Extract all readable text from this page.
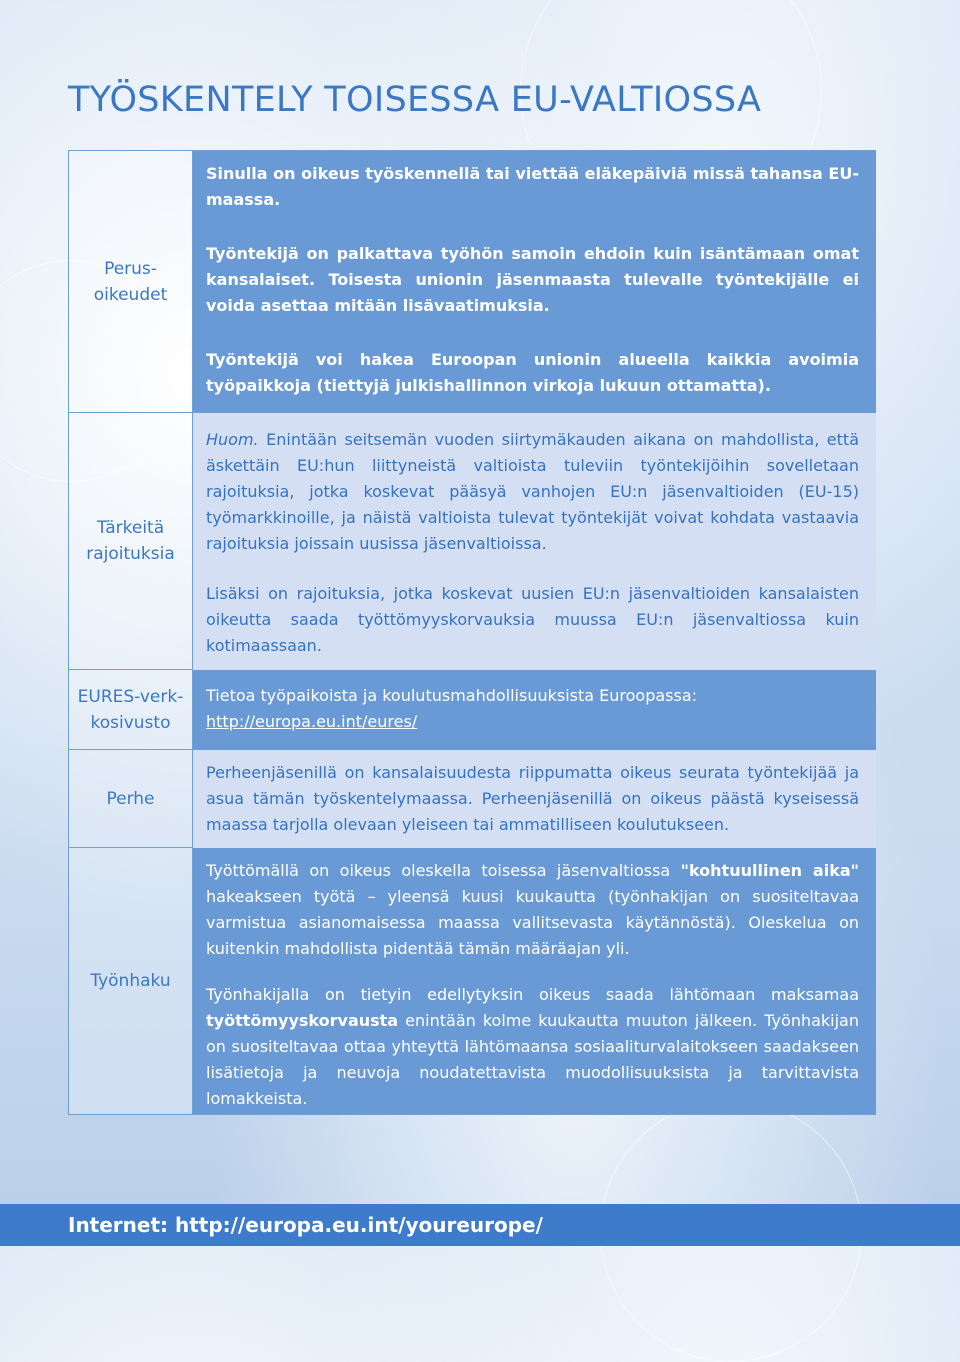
TYÖSKENTELY TOISESSA EU-VALTIOSSA
Perus-
oikeudet

Sinulla on oikeus työskennellä tai viettää eläkepäiviä missä tahansa EU-maassa.

Työntekijä on palkattava työhön samoin ehdoin kuin isäntämaan omat kansalaiset. Toisesta unionin jäsenmaasta tulevalle työntekijälle ei voida asettaa mitään lisävaatimuksia.

Tärkeitä
rajoituksia

Työntekijä voi hakea Euroopan unionin alueella kaikkia avoimia työpaikkoja (tiettyjä julkishallinnon virkoja lukuun ottamatta).

Huom. Enintään seitsemän vuoden siirtymäkauden aikana on mahdollista, että äskettäin EU:hun liittyneistä valtioista tuleviin työntekijöihin sovelletaan rajoituksia, jotka koskevat pääsyä vanhojen EU:n jäsenvaltioiden (EU-15) työmarkkinoille, ja näistä valtioista tulevat työntekijät voivat kohdata vastaavia rajoituksia joissain uusissa jäsenvaltioissa.

Lisäksi on rajoituksia, jotka koskevat uusien EU:n jäsenvaltioiden kansalaisten oikeutta saada työttömyyskorvauksia muussa EU:n jäsenvaltiossa kuin kotimaassaan.

EURES-verk-
kosivusto

Tietoa työpaikoista ja koulutusmahdollisuuksista Euroopassa:
http://europa.eu.int/eures/

Perhe

Perheenjäsenillä on kansalaisuudesta riippumatta oikeus seurata työntekijää ja asua tämän työskentelymaassa. Perheenjäsenillä on oikeus päästä kyseisessä maassa tarjolla olevaan yleiseen tai ammatilliseen koulutukseen.

Työnhaku

Työttömällä on oikeus oleskella toisessa jäsenvaltiossa "kohtuullinen aika" hakeakseen työtä – yleensä kuusi kuukautta (työnhakijan on suositeltavaa varmistua asianomaisessa maassa vallitsevasta käytännöstä). Oleskelua on kuitenkin mahdollista pidentää tämän määräajan yli.

Työnhakijalla on tietyin edellytyksin oikeus saada lähtömaan maksamaa työttömyyskorvausta enintään kolme kuukautta muuton jälkeen. Työnhakijan on suositeltavaa ottaa yhteyttä lähtömaansa sosiaaliturvalaitokseen saadakseen lisätietoja ja neuvoja noudatettavista muodollisuuksista ja tarvittavista lomakkeista.

Internet: http://europa.eu.int/youreurope/
